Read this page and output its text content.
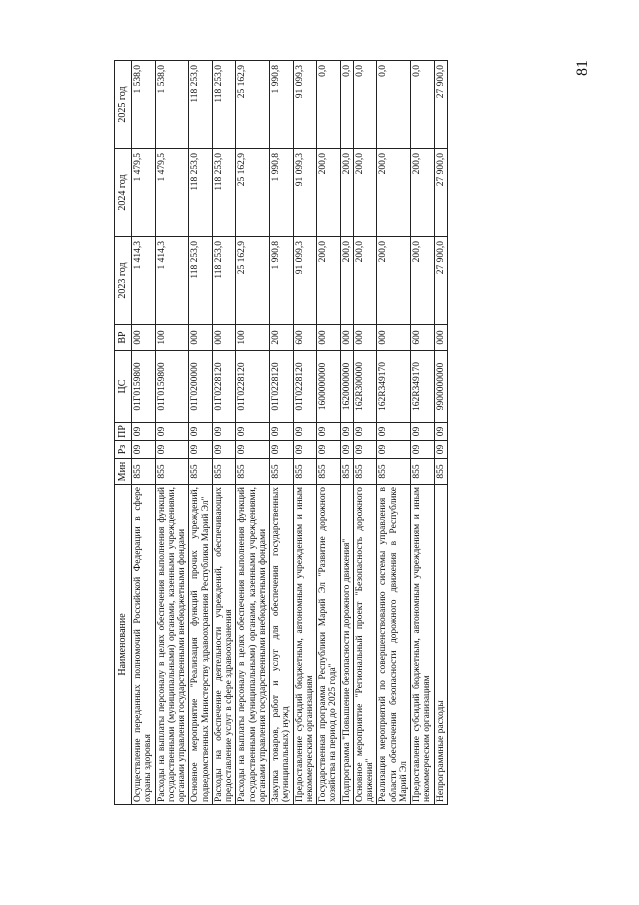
81
Наименование	Мин	Рз	ПР	ЦС	ВР	2023 год	2024 год	2025 год
Осуществление переданных полномочий Российской Федерации в сфере охраны здоровья	855	09	09	01Г0159800	000	1 414,3	1 479,5	1 538,0
Расходы на выплаты персоналу в целях обеспечения выполнения функций государственными (муниципальными) органами, казенными учреждениями, органами управления государственными внебюджетными фондами	855	09	09	01Г0159800	100	1 414,3	1 479,5	1 538,0
Основное мероприятие "Реализация функций прочих учреждений, подведомственных Министерству здравоохранения Республики Марий Эл"	855	09	09	01Г0200000	000	118 253,0	118 253,0	118 253,0
Расходы на обеспечение деятельности учреждений, обеспечивающих предоставление услуг в сфере здравоохранения	855	09	09	01Г0228120	000	118 253,0	118 253,0	118 253,0
Расходы на выплаты персоналу в целях обеспечения выполнения функций государственными (муниципальными) органами, казенными учреждениями, органами управления государственными внебюджетными фондами	855	09	09	01Г0228120	100	25 162,9	25 162,9	25 162,9
Закупка товаров, работ и услуг для обеспечения государственных (муниципальных) нужд	855	09	09	01Г0228120	200	1 990,8	1 990,8	1 990,8
Предоставление субсидий бюджетным, автономным учреждениям и иным некоммерческим организациям	855	09	09	01Г0228120	600	91 099,3	91 099,3	91 099,3
Государственная программа Республики Марий Эл "Развитие дорожного хозяйства на период до 2025 года"	855	09	09	1600000000	000	200,0	200,0	0,0
Подпрограмма "Повышение безопасности дорожного движения"	855	09	09	1620000000	000	200,0	200,0	0,0
Основное мероприятие "Региональный проект "Безопасность дорожного движения"	855	09	09	162R300000	000	200,0	200,0	0,0
Реализация мероприятий по совершенствованию системы управления в области обеспечения безопасности дорожного движения в Республике Марий Эл	855	09	09	162R349170	000	200,0	200,0	0,0
Предоставление субсидий бюджетным, автономным учреждениям и иным некоммерческим организациям	855	09	09	162R349170	600	200,0	200,0	0,0
Непрограммные расходы	855	09	09	9900000000	000	27 900,0	27 900,0	27 900,0
